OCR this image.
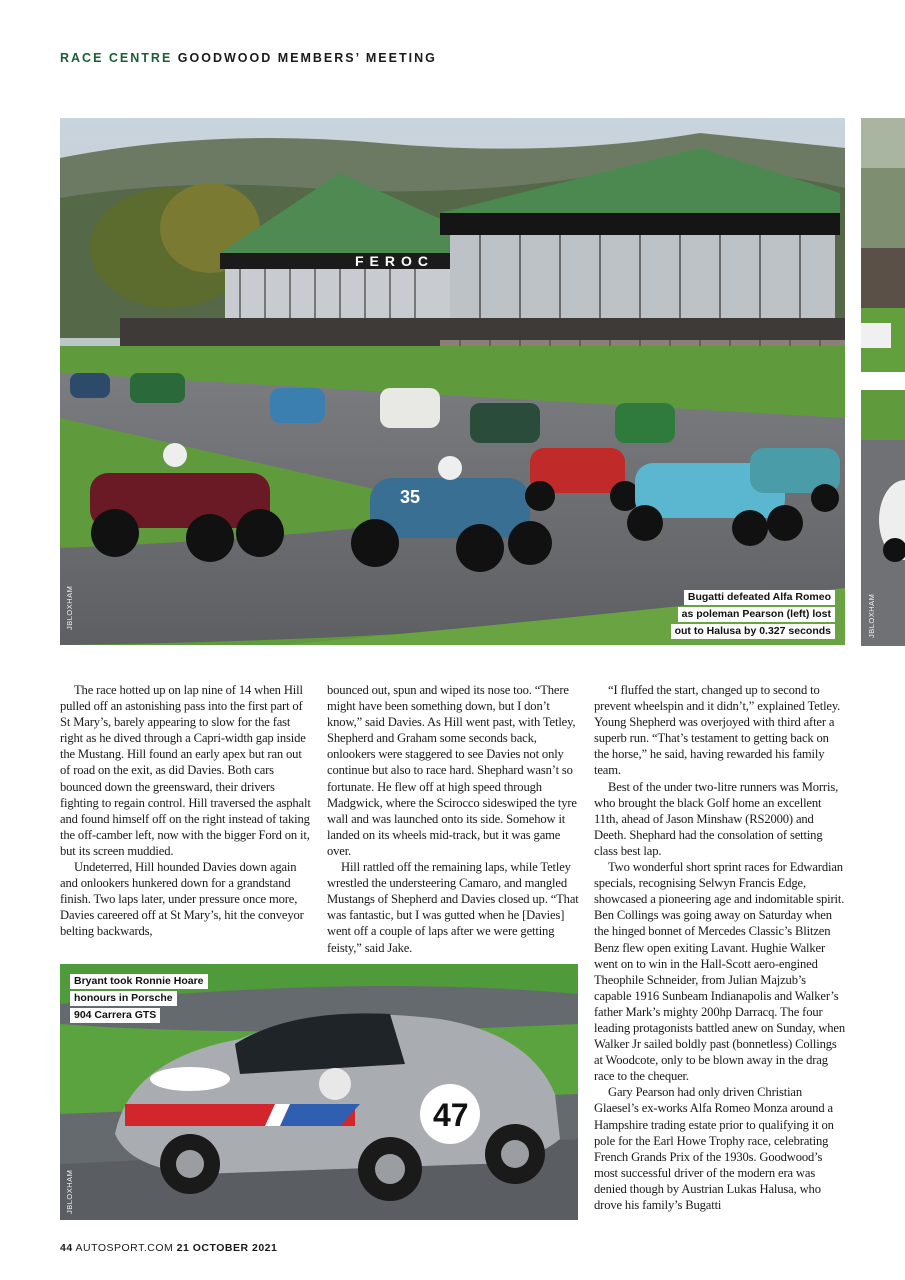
RACE CENTRE GOODWOOD MEMBERS’ MEETING
FEROC
35
JBLOXHAM	Bugatti defeated Alfa Romeo
as poleman Pearson (left) lost
out to Halusa by 0.327 seconds	JBLOXHAM

The race hotted up on lap nine of 14 when Hill pulled off an astonishing pass into the first part of St Mary’s, barely appearing to slow for the fast right as he dived through a Capri-width gap inside the Mustang. Hill found an early apex but ran out of road on the exit, as did Davies. Both cars bounced down the greensward, their drivers fighting to regain control. Hill traversed the asphalt and found himself off on the right instead of taking the off-camber left, now with the bigger Ford on it, but its screen muddied.

Undeterred, Hill hounded Davies down again and onlookers hunkered down for a grandstand finish. Two laps later, under pressure once more, Davies careered off at St Mary’s, hit the conveyor belting backwards,

bounced out, spun and wiped its nose too. “There might have been something down, but I don’t know,” said Davies. As Hill went past, with Tetley, Shepherd and Graham some seconds back, onlookers were staggered to see Davies not only continue but also to race hard. Shephard wasn’t so fortunate. He flew off at high speed through Madgwick, where the Scirocco sideswiped the tyre wall and was launched onto its side. Somehow it landed on its wheels mid-track, but it was game over.

Hill rattled off the remaining laps, while Tetley wrestled the understeering Camaro, and mangled Mustangs of Shepherd and Davies closed up. “That was fantastic, but I was gutted when he [Davies] went off a couple of laps after we were getting feisty,” said Jake.

“I fluffed the start, changed up to second to prevent wheelspin and it didn’t,” explained Tetley. Young Shepherd was overjoyed with third after a superb run. “That’s testament to getting back on the horse,” he said, having rewarded his family team.

Best of the under two-litre runners was Morris, who brought the black Golf home an excellent 11th, ahead of Jason Minshaw (RS2000) and Deeth. Shephard had the consolation of setting class best lap.

Two wonderful short sprint races for Edwardian specials, recognising Selwyn Francis Edge, showcased a pioneering age and indomitable spirit. Ben Collings was going away on Saturday when the hinged bonnet of Mercedes Classic’s Blitzen Benz flew open exiting Lavant. Hughie Walker went on to win in the Hall-Scott aero-engined Theophile Schneider, from Julian Majzub’s capable 1916 Sunbeam Indianapolis and Walker’s father Mark’s mighty 200hp Darracq. The four leading protagonists battled anew on Sunday, when Walker Jr sailed boldly past (bonnetless) Collings at Woodcote, only to be blown away in the drag race to the chequer.

Gary Pearson had only driven Christian Glaesel’s ex-works Alfa Romeo Monza around a Hampshire trading estate prior to qualifying it on pole for the Earl Howe Trophy race, celebrating French Grands Prix of the 1930s. Goodwood’s most successful driver of the modern era was denied though by Austrian Lukas Halusa, who drove his family’s Bugatti

47
Bryant took Ronnie Hoare
honours in Porsche
904 Carrera GTS
JBLOXHAM
44 AUTOSPORT.COM 21 OCTOBER 2021
